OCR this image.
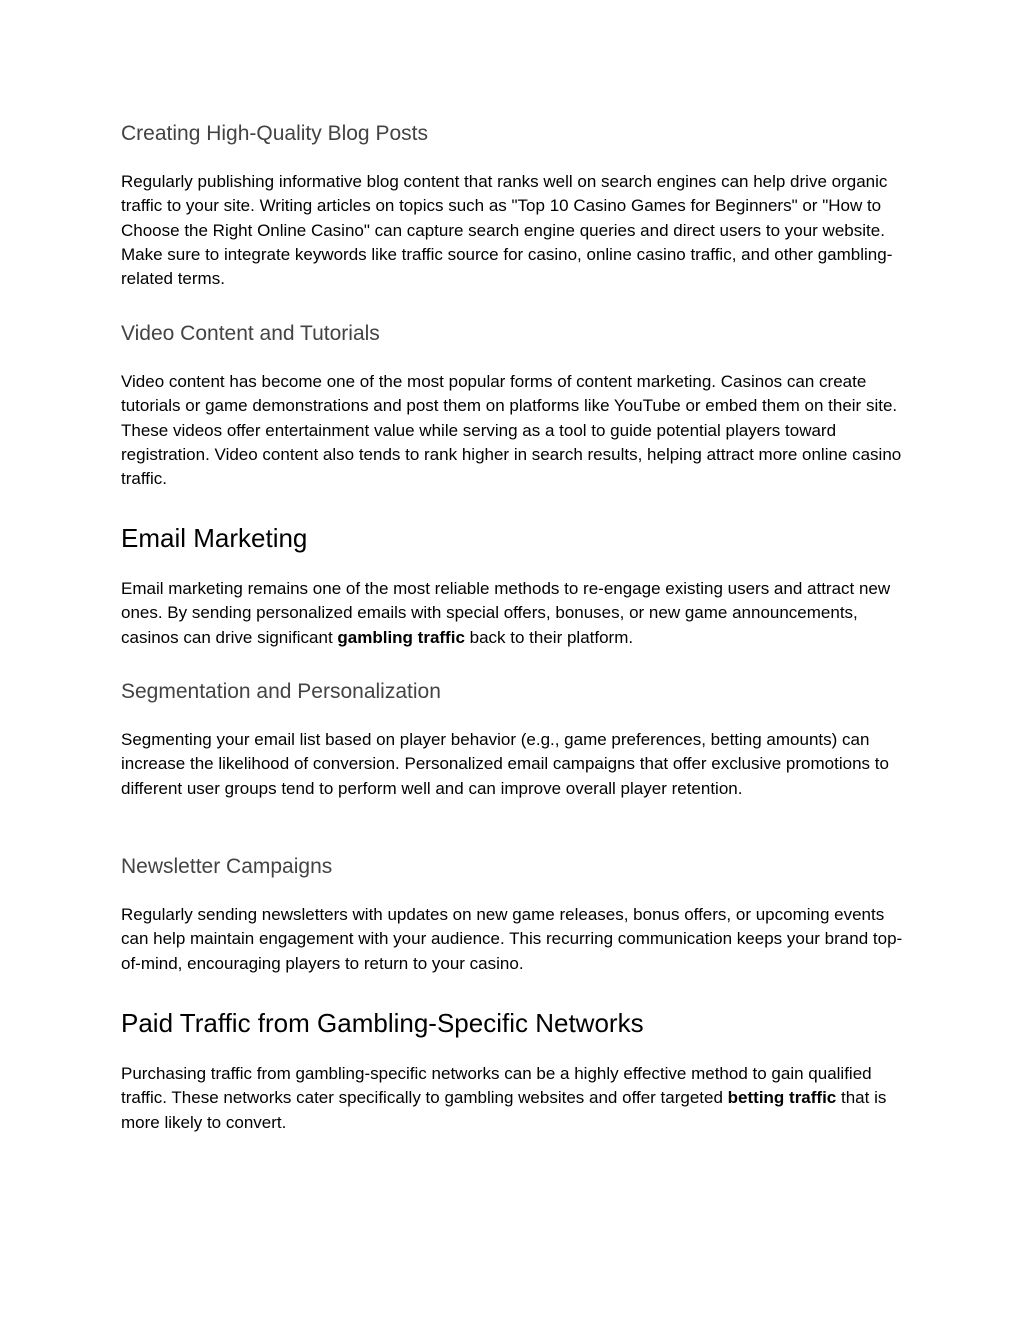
Creating High-Quality Blog Posts

Regularly publishing informative blog content that ranks well on search engines can help drive organic traffic to your site. Writing articles on topics such as "Top 10 Casino Games for Beginners" or "How to Choose the Right Online Casino" can capture search engine queries and direct users to your website. Make sure to integrate keywords like traffic source for casino, online casino traffic, and other gambling-related terms.

Video Content and Tutorials

Video content has become one of the most popular forms of content marketing. Casinos can create tutorials or game demonstrations and post them on platforms like YouTube or embed them on their site. These videos offer entertainment value while serving as a tool to guide potential players toward registration. Video content also tends to rank higher in search results, helping attract more online casino traffic.

Email Marketing

Email marketing remains one of the most reliable methods to re-engage existing users and attract new ones. By sending personalized emails with special offers, bonuses, or new game announcements, casinos can drive significant gambling traffic back to their platform.

Segmentation and Personalization

Segmenting your email list based on player behavior (e.g., game preferences, betting amounts) can increase the likelihood of conversion. Personalized email campaigns that offer exclusive promotions to different user groups tend to perform well and can improve overall player retention.

Newsletter Campaigns

Regularly sending newsletters with updates on new game releases, bonus offers, or upcoming events can help maintain engagement with your audience. This recurring communication keeps your brand top-of-mind, encouraging players to return to your casino.

Paid Traffic from Gambling-Specific Networks

Purchasing traffic from gambling-specific networks can be a highly effective method to gain qualified traffic. These networks cater specifically to gambling websites and offer targeted betting traffic that is more likely to convert.
